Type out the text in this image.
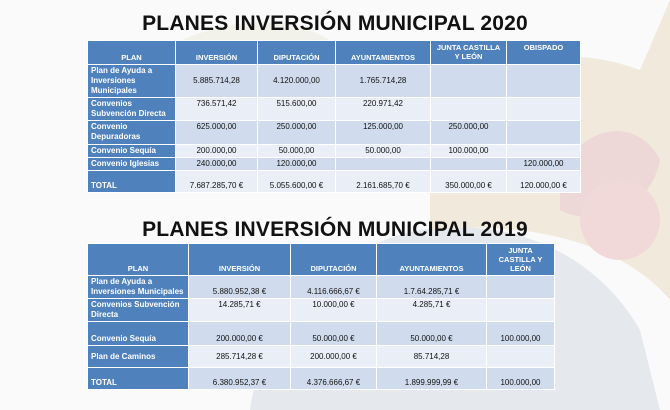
PLANES INVERSIÓN MUNICIPAL 2020
PLAN	INVERSIÓN	DIPUTACIÓN	AYUNTAMIENTOS	JUNTA CASTILLA Y LEÓN	OBISPADO
Plan de Ayuda a Inversiones Municipales	5.885.714,28	4.120.000,00	1.765.714,28		
Convenios Subvención Directa	736.571,42	515.600,00	220.971,42		
Convenio Depuradoras	625.000,00	250.000,00	125.000,00	250.000,00	
Convenio Sequía	200.000,00	50.000,00	50.000,00	100.000,00	
Convenio Iglesias	240.000,00	120.000,00			120.000,00
TOTAL	7.687.285,70 €	5.055.600,00 €	2.161.685,70 €	350.000,00 €	120.000,00 €
PLANES INVERSIÓN MUNICIPAL 2019
PLAN	INVERSIÓN	DIPUTACIÓN	AYUNTAMIENTOS	JUNTA CASTILLA Y LEÓN
Plan de Ayuda a Inversiones Municipales	5.880.952,38 €	4.116.666,67 €	1.7.64.285,71 €	
Convenios Subvención Directa	14.285,71 €	10.000,00 €	4.285,71 €	
Convenio Sequía	200.000,00 €	50.000,00 €	50.000,00 €	100.000,00
Plan de Caminos	285.714,28 €	200.000,00 €	85.714,28	
TOTAL	6.380.952,37 €	4.376.666,67 €	1.899.999,99 €	100.000,00
